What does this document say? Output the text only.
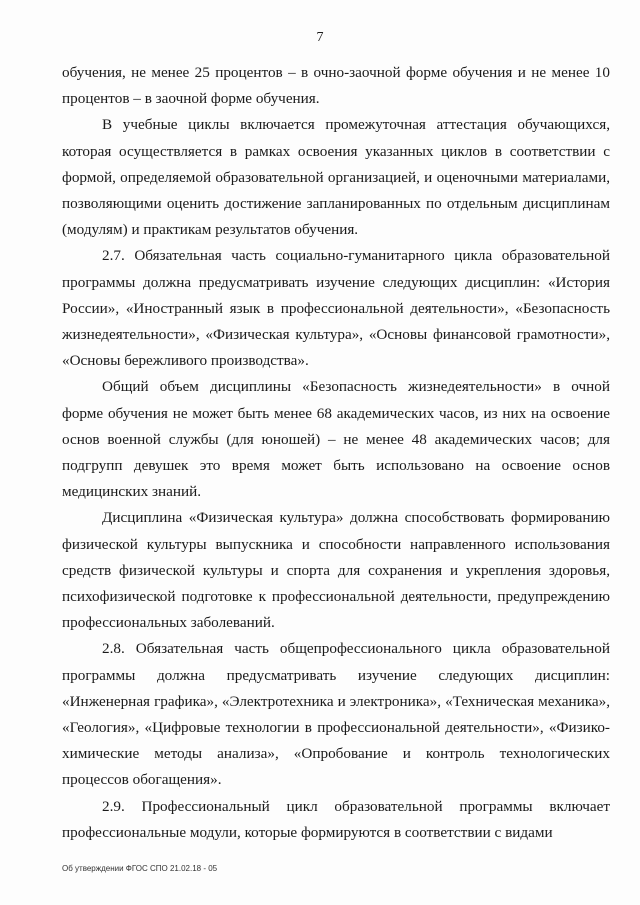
7

обучения, не менее 25 процентов – в очно-заочной форме обучения и не менее 10 процентов – в заочной форме обучения.

В учебные циклы включается промежуточная аттестация обучающихся, которая осуществляется в рамках освоения указанных циклов в соответствии с формой, определяемой образовательной организацией, и оценочными материалами, позволяющими оценить достижение запланированных по отдельным дисциплинам (модулям) и практикам результатов обучения.

2.7. Обязательная часть социально-гуманитарного цикла образовательной программы должна предусматривать изучение следующих дисциплин: «История России», «Иностранный язык в профессиональной деятельности», «Безопасность жизнедеятельности», «Физическая культура», «Основы финансовой грамотности», «Основы бережливого производства».

Общий объем дисциплины «Безопасность жизнедеятельности» в очной форме обучения не может быть менее 68 академических часов, из них на освоение основ военной службы (для юношей) – не менее 48 академических часов; для подгрупп девушек это время может быть использовано на освоение основ медицинских знаний.

Дисциплина «Физическая культура» должна способствовать формированию физической культуры выпускника и способности направленного использования средств физической культуры и спорта для сохранения и укрепления здоровья, психофизической подготовке к профессиональной деятельности, предупреждению профессиональных заболеваний.

2.8. Обязательная часть общепрофессионального цикла образовательной программы должна предусматривать изучение следующих дисциплин: «Инженерная графика», «Электротехника и электроника», «Техническая механика», «Геология», «Цифровые технологии в профессиональной деятельности», «Физико-химические методы анализа», «Опробование и контроль технологических процессов обогащения».

2.9. Профессиональный цикл образовательной программы включает профессиональные модули, которые формируются в соответствии с видами

Об утверждении ФГОС СПО 21.02.18 - 05
